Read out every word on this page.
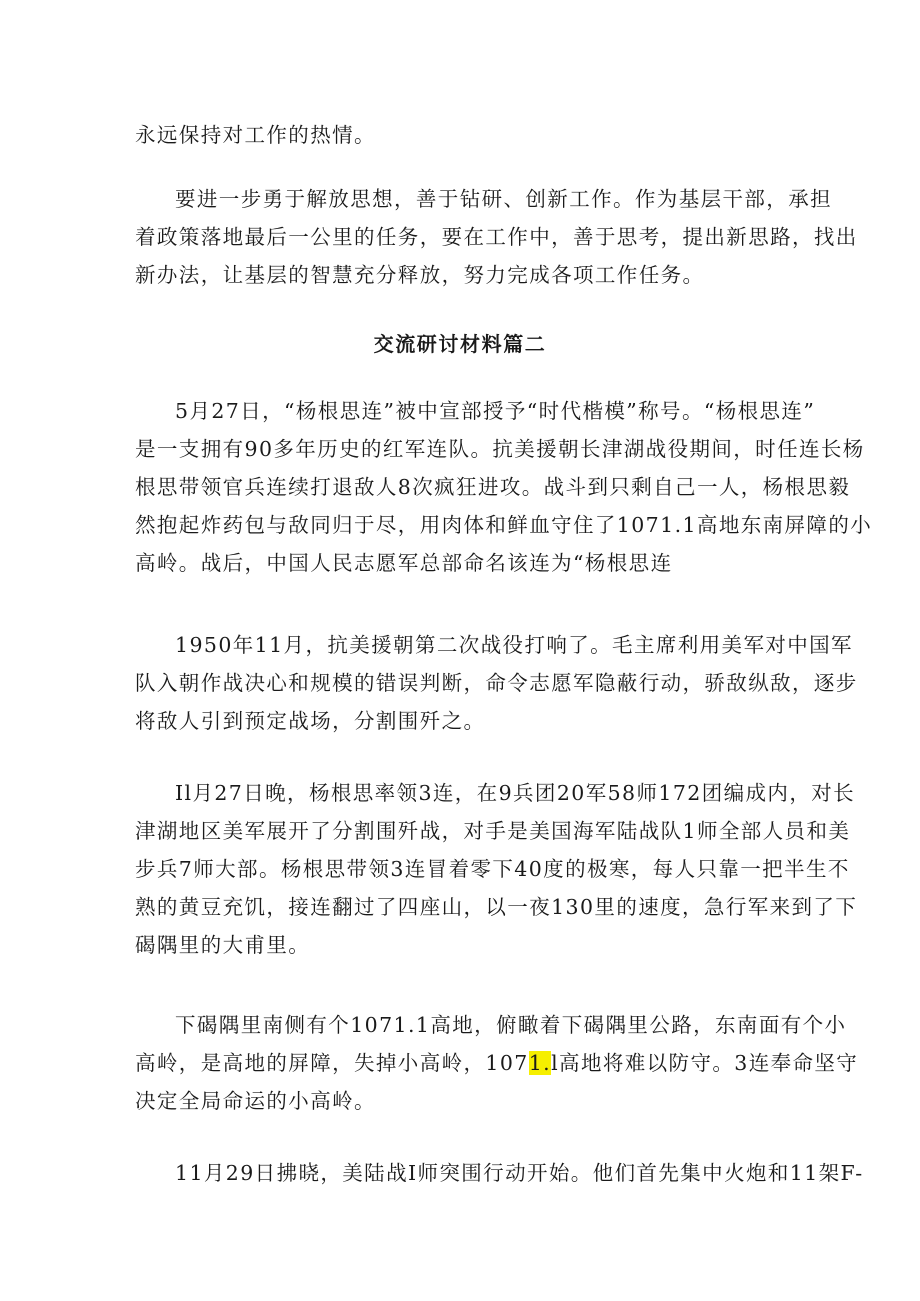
永远保持对工作的热情。

要进一步勇于解放思想，善于钻研、创新工作。作为基层干部，承担
着政策落地最后一公里的任务，要在工作中，善于思考，提出新思路，找出
新办法，让基层的智慧充分释放，努力完成各项工作任务。

交流研讨材料篇二

5月27日，“杨根思连”被中宣部授予“时代楷模”称号。“杨根思连”
是一支拥有90多年历史的红军连队。抗美援朝长津湖战役期间，时任连长杨
根思带领官兵连续打退敌人8次疯狂进攻。战斗到只剩自己一人，杨根思毅
然抱起炸药包与敌同归于尽，用肉体和鲜血守住了1071.1高地东南屏障的小
高岭。战后，中国人民志愿军总部命名该连为“杨根思连

1950年11月，抗美援朝第二次战役打响了。毛主席利用美军对中国军
队入朝作战决心和规模的错误判断，命令志愿军隐蔽行动，骄敌纵敌，逐步
将敌人引到预定战场，分割围歼之。

Il月27日晚，杨根思率领3连，在9兵团20军58师172团编成内，对长
津湖地区美军展开了分割围歼战，对手是美国海军陆战队1师全部人员和美
步兵7师大部。杨根思带领3连冒着零下40度的极寒，每人只靠一把半生不
熟的黄豆充饥，接连翻过了四座山，以一夜130里的速度，急行军来到了下
碣隅里的大甫里。

下碣隅里南侧有个1071.1高地，俯瞰着下碣隅里公路，东南面有个小
高岭，是高地的屏障，失掉小高岭，1071.l高地将难以防守。3连奉命坚守
决定全局命运的小高岭。

11月29日拂晓，美陆战I师突围行动开始。他们首先集中火炮和11架F-
